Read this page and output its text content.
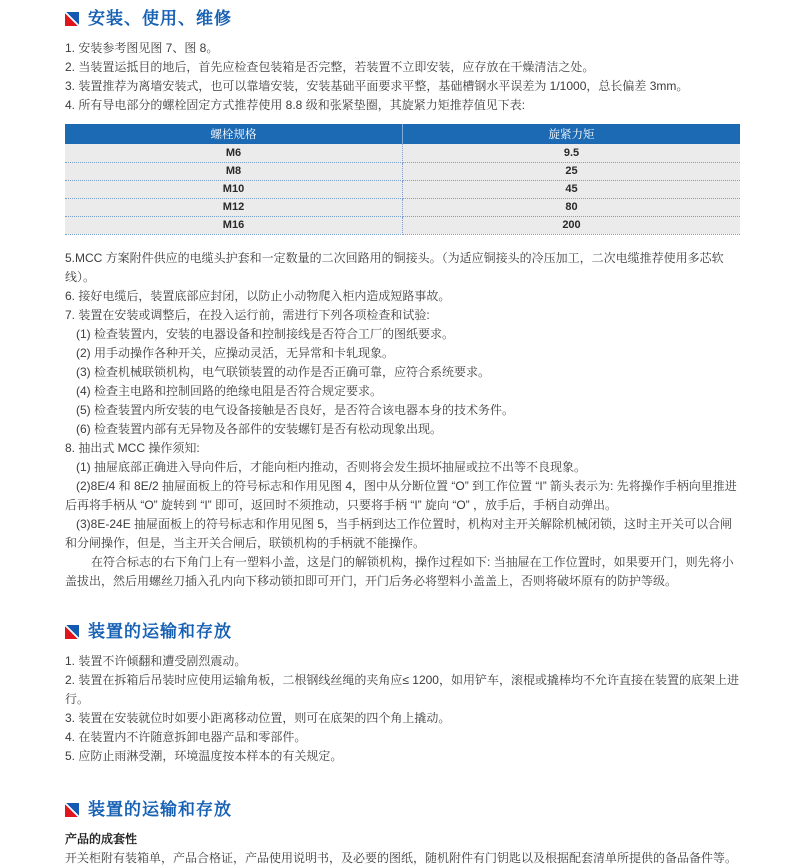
安装、使用、维修

1. 安装参考图见图 7、图 8。

2. 当装置运抵目的地后，首先应检查包装箱是否完整，若装置不立即安装，应存放在干燥清洁之处。

3. 装置推荐为离墙安装式，也可以靠墙安装，安装基础平面要求平整，基础槽钢水平误差为 1/1000，总长偏差 3mm。

4. 所有导电部分的螺栓固定方式推荐使用 8.8 级和张紧垫圈，其旋紧力矩推荐值见下表:

螺栓规格	旋紧力矩
M6	9.5
M8	25
M10	45
M12	80
M16	200

5.MCC 方案附件供应的电缆头护套和一定数量的二次回路用的铜接头。（为适应铜接头的冷压加工，二次电缆推荐使用多芯软线）。

6. 接好电缆后，装置底部应封闭，以防止小动物爬入柜内造成短路事故。

7. 装置在安装或调整后，在投入运行前，需进行下列各项检查和试验:

(1) 检查装置内，安装的电器设备和控制接线是否符合工厂的图纸要求。

(2) 用手动操作各种开关，应操动灵活，无异常和卡轧现象。

(3) 检查机械联锁机构，电气联锁装置的动作是否正确可靠，应符合系统要求。

(4) 检查主电路和控制回路的绝缘电阻是否符合规定要求。

(5) 检查装置内所安装的电气设备接触是否良好，是否符合该电器本身的技术务件。

(6) 检查装置内部有无异物及各部件的安装螺钉是否有松动现象出现。

8. 抽出式 MCC 操作须知:

(1) 抽屉底部正确进入导向件后，才能向柜内推动，否则将会发生损坏抽屉或拉不出等不良现象。

(2)8E/4 和 8E/2 抽屉面板上的符号标志和作用见图 4，图中从分断位置 “O” 到工作位置 “I” 箭头表示为: 先将操作手柄向里推进后再将手柄从 “O” 旋转到 “I” 即可，返回时不须推动，只要将手柄 “I” 旋向 “O” ，放手后，手柄自动弹出。

(3)8E-24E 抽屉面板上的符号标志和作用见图 5，当手柄到达工作位置时，机构对主开关解除机械闭锁，这时主开关可以合闸和分闸操作，但是，当主开关合闸后，联锁机构的手柄就不能操作。

在符合标志的右下角门上有一塑料小盖，这是门的解锁机构，操作过程如下: 当抽屉在工作位置时，如果要开门，则先将小盖拔出，然后用螺丝刀插入孔内向下移动锁扣即可开门，开门后务必将塑料小盖盖上，否则将破坏原有的防护等级。

装置的运输和存放

1. 装置不许倾翻和遭受剧烈震动。

2. 装置在拆箱后吊装时应使用运输角板，二根钢线丝绳的夹角应≤ 1200，如用铲车，滚棍或撬棒均不允许直接在装置的底架上进行。

3. 装置在安装就位时如要小距离移动位置，则可在底架的四个角上撬动。

4. 在装置内不许随意拆卸电器产品和零部件。

5. 应防止雨淋受潮，环境温度按本样本的有关规定。

装置的运输和存放

产品的成套性

开关柜附有装箱单，产品合格证，产品使用说明书，及必要的图纸，随机附件有门钥匙以及根据配套清单所提供的备品备件等。
